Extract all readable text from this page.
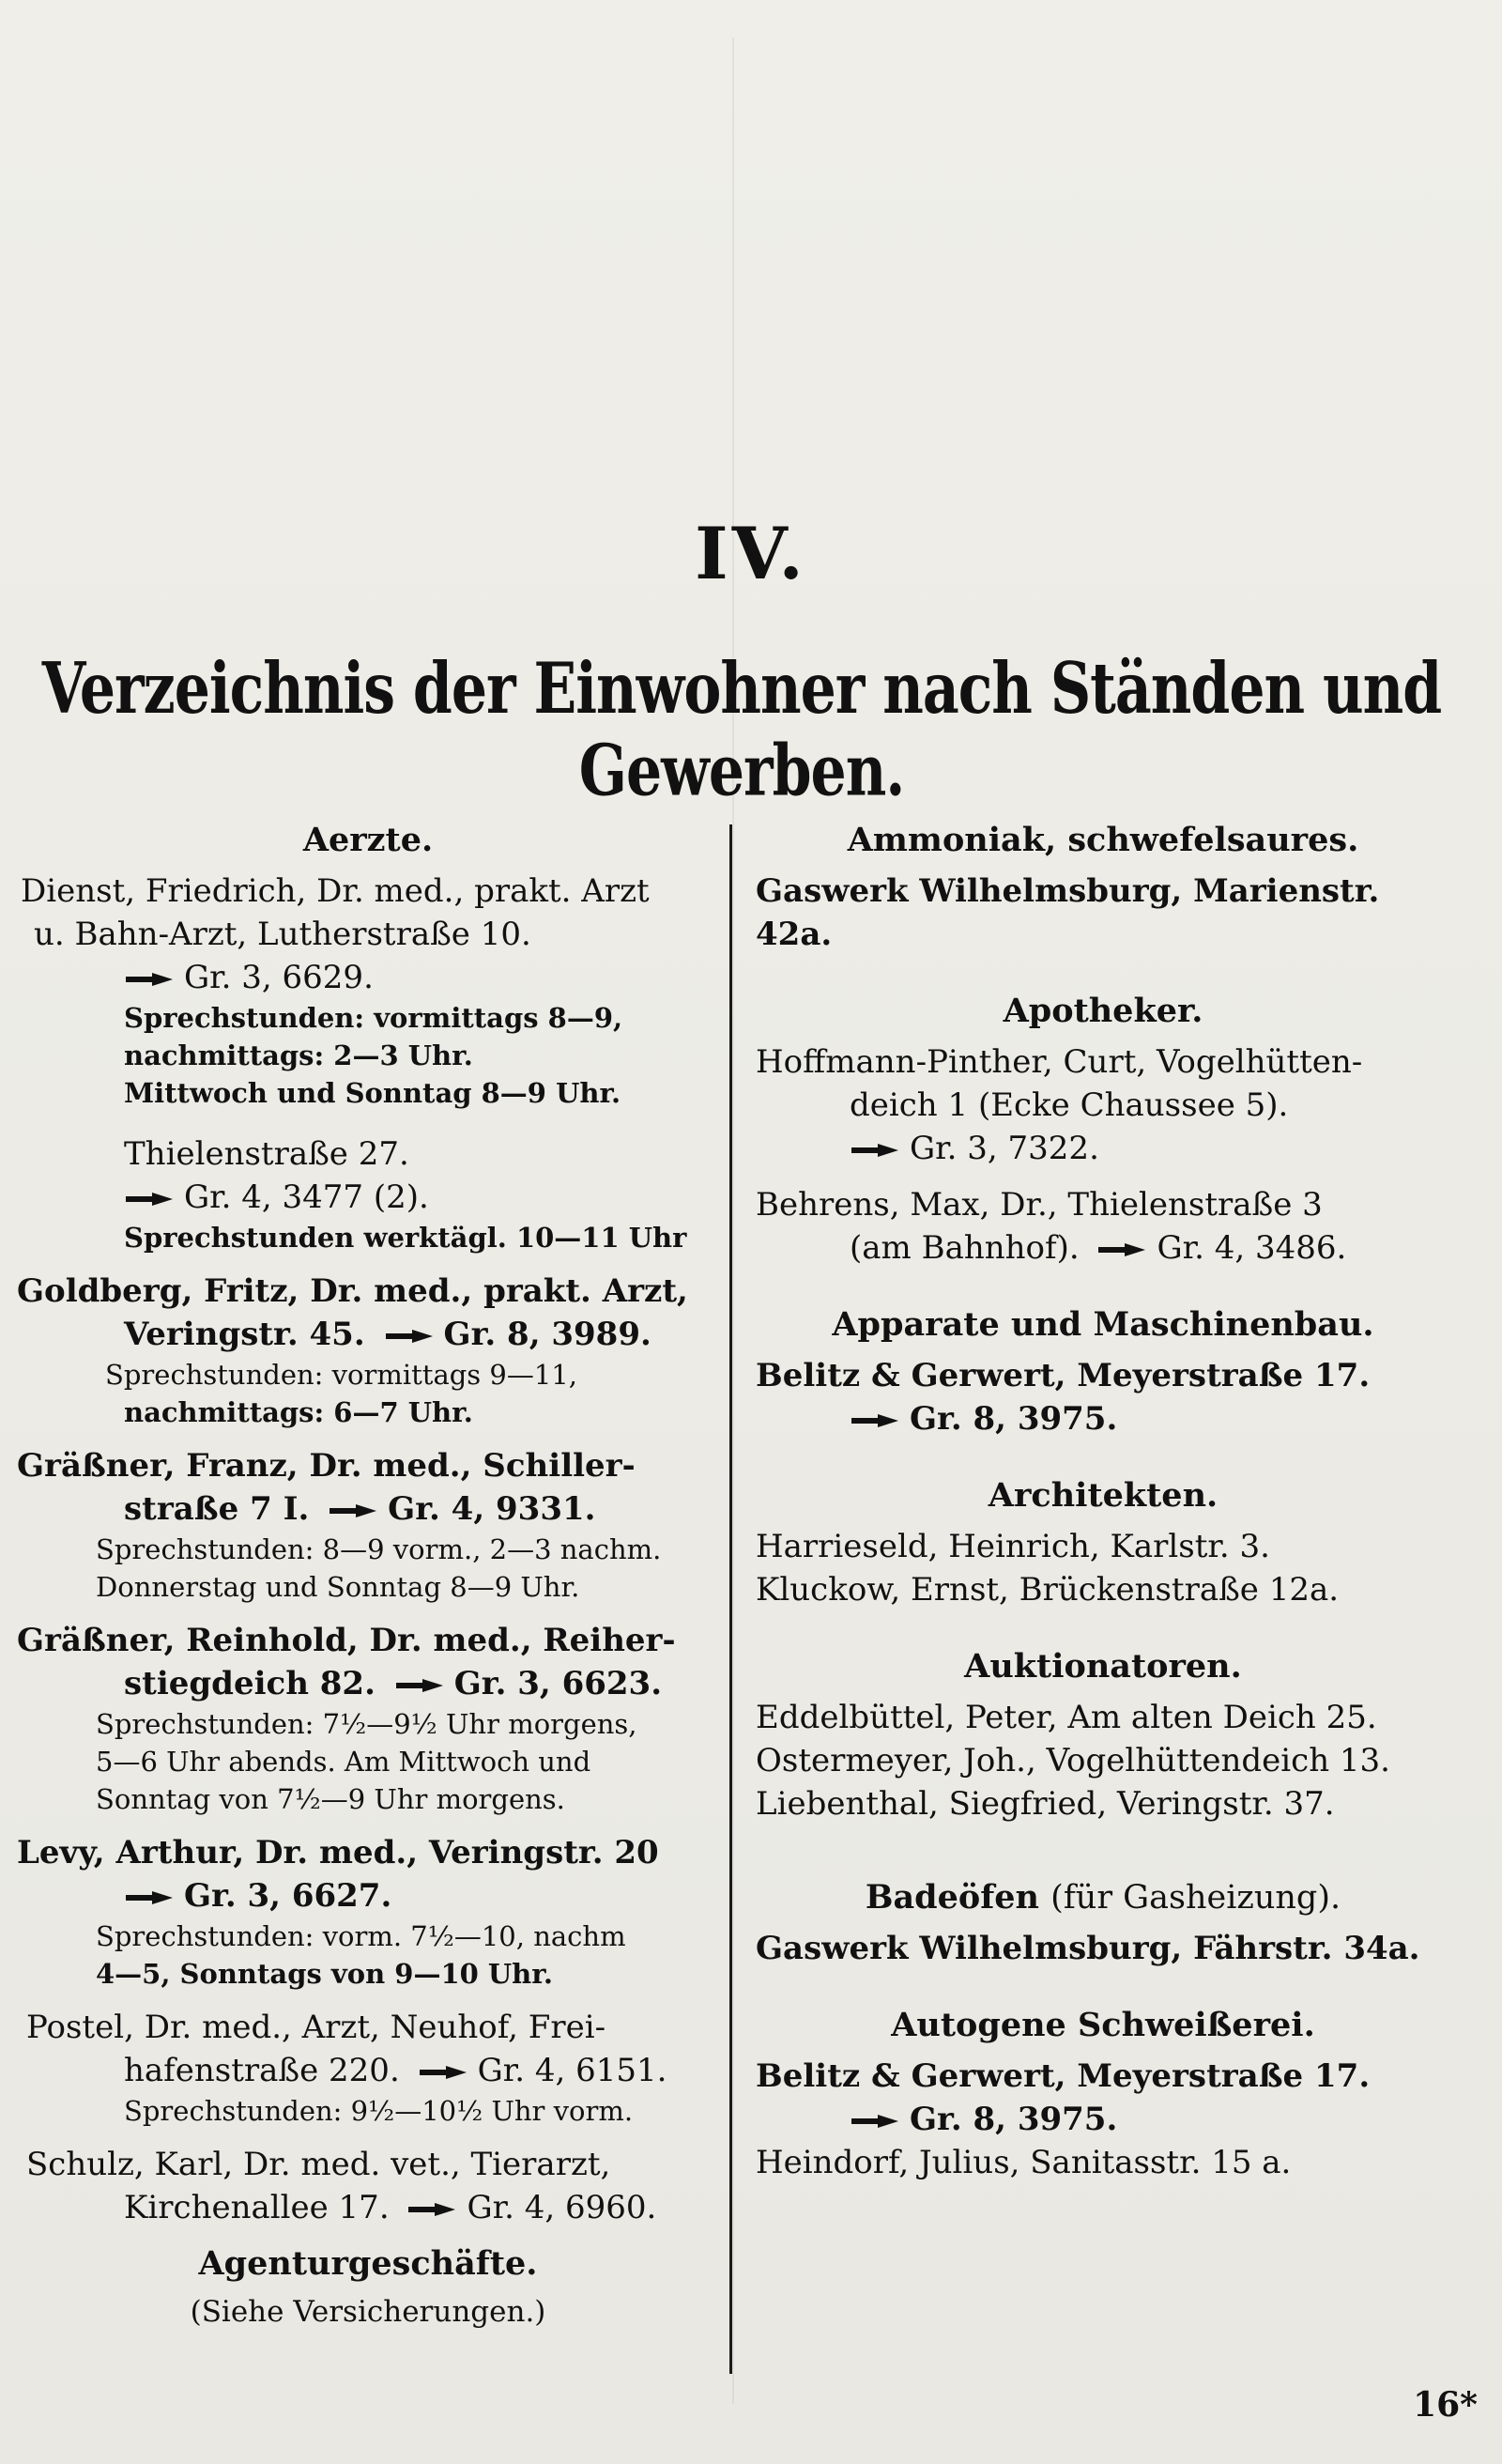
IV.
Verzeichnis der Einwohner nach Ständen und Gewerben.
Aerzte.

Dienst, Friedrich, Dr. med., prakt. Arzt

u. Bahn-Arzt, Lutherstraße 10.

Gr. 3, 6629.

Sprechstunden: vormittags 8—9,

nachmittags: 2—3 Uhr.

Mittwoch und Sonntag 8—9 Uhr.

Thielenstraße 27.

Gr. 4, 3477 (2).

Sprechstunden werktägl. 10—11 Uhr

Goldberg, Fritz, Dr. med., prakt. Arzt,

Veringstr. 45. Gr. 8, 3989.

Sprechstunden: vormittags 9—11,

nachmittags: 6—7 Uhr.

Gräßner, Franz, Dr. med., Schiller-

straße 7 I. Gr. 4, 9331.

Sprechstunden: 8—9 vorm., 2—3 nachm.

Donnerstag und Sonntag 8—9 Uhr.

Gräßner, Reinhold, Dr. med., Reiher-

stiegdeich 82. Gr. 3, 6623.

Sprechstunden: 7½—9½ Uhr morgens,

5—6 Uhr abends. Am Mittwoch und

Sonntag von 7½—9 Uhr morgens.

Levy, Arthur, Dr. med., Veringstr. 20

Gr. 3, 6627.

Sprechstunden: vorm. 7½—10, nachm

4—5, Sonntags von 9—10 Uhr.

Postel, Dr. med., Arzt, Neuhof, Frei-

hafenstraße 220. Gr. 4, 6151.

Sprechstunden: 9½—10½ Uhr vorm.

Schulz, Karl, Dr. med. vet., Tierarzt,

Kirchenallee 17. Gr. 4, 6960.

Agenturgeschäfte.

(Siehe Versicherungen.)

Ammoniak, schwefelsaures.

Gaswerk Wilhelmsburg, Marienstr. 42a.

Apotheker.

Hoffmann-Pinther, Curt, Vogelhütten-

deich 1 (Ecke Chaussee 5).

Gr. 3, 7322.

Behrens, Max, Dr., Thielenstraße 3

(am Bahnhof). Gr. 4, 3486.

Apparate und Maschinenbau.

Belitz & Gerwert, Meyerstraße 17.

Gr. 8, 3975.

Architekten.

Harrieseld, Heinrich, Karlstr. 3.

Kluckow, Ernst, Brückenstraße 12a.

Auktionatoren.

Eddelbüttel, Peter, Am alten Deich 25.

Ostermeyer, Joh., Vogelhüttendeich 13.

Liebenthal, Siegfried, Veringstr. 37.

Badeöfen (für Gasheizung).

Gaswerk Wilhelmsburg, Fährstr. 34a.

Autogene Schweißerei.

Belitz & Gerwert, Meyerstraße 17.

Gr. 8, 3975.

Heindorf, Julius, Sanitasstr. 15 a.

16*
